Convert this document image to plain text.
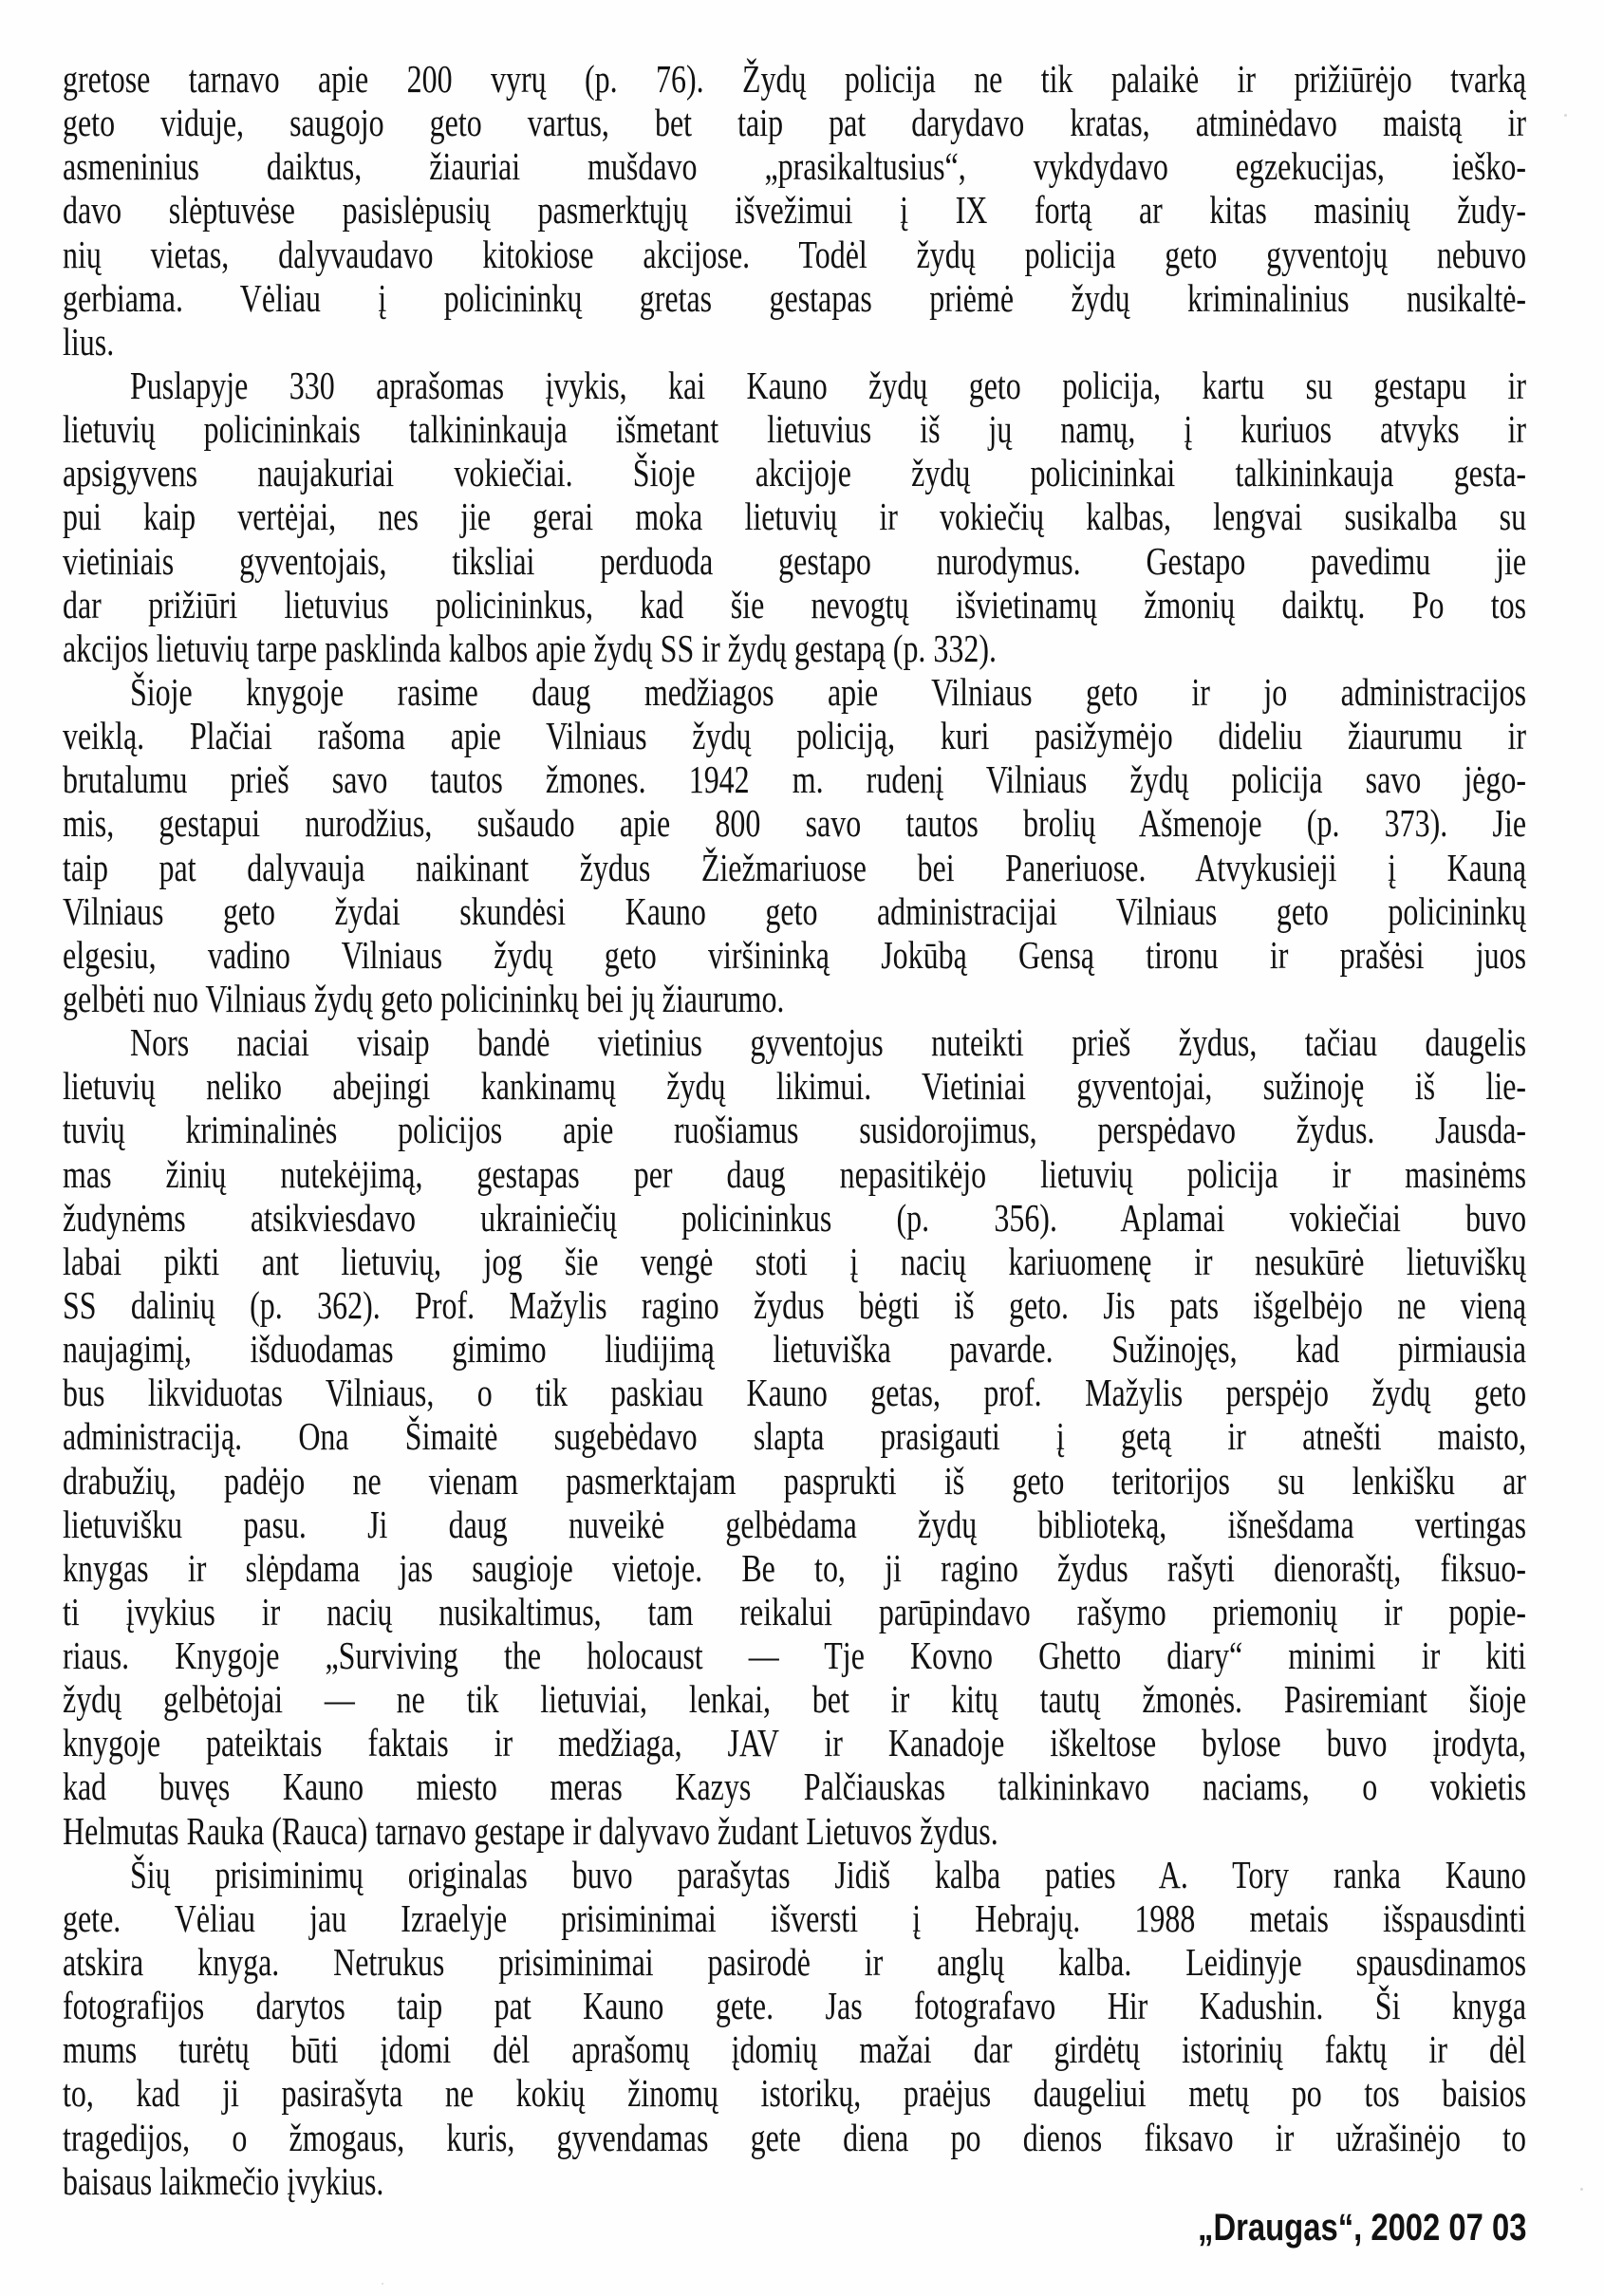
gretose tarnavo apie 200 vyrų (p. 76). Žydų policija ne tik palaikė ir prižiūrėjo tvarką
geto viduje, saugojo geto vartus, bet taip pat darydavo kratas, atminėdavo maistą ir
asmeninius daiktus, žiauriai mušdavo „prasikaltusius“, vykdydavo egzekucijas, ieško-
davo slėptuvėse pasislėpusių pasmerktųjų išvežimui į IX fortą ar kitas masinių žudy-
nių vietas, dalyvaudavo kitokiose akcijose. Todėl žydų policija geto gyventojų nebuvo
gerbiama. Vėliau į policininkų gretas gestapas priėmė žydų kriminalinius nusikaltė-
lius.
Puslapyje 330 aprašomas įvykis, kai Kauno žydų geto policija, kartu su gestapu ir
lietuvių policininkais talkininkauja išmetant lietuvius iš jų namų, į kuriuos atvyks ir
apsigyvens naujakuriai vokiečiai. Šioje akcijoje žydų policininkai talkininkauja gesta-
pui kaip vertėjai, nes jie gerai moka lietuvių ir vokiečių kalbas, lengvai susikalba su
vietiniais gyventojais, tiksliai perduoda gestapo nurodymus. Gestapo pavedimu jie
dar prižiūri lietuvius policininkus, kad šie nevogtų išvietinamų žmonių daiktų. Po tos
akcijos lietuvių tarpe pasklinda kalbos apie žydų SS ir žydų gestapą (p. 332).
Šioje knygoje rasime daug medžiagos apie Vilniaus geto ir jo administracijos
veiklą. Plačiai rašoma apie Vilniaus žydų policiją, kuri pasižymėjo dideliu žiaurumu ir
brutalumu prieš savo tautos žmones. 1942 m. rudenį Vilniaus žydų policija savo jėgo-
mis, gestapui nurodžius, sušaudo apie 800 savo tautos brolių Ašmenoje (p. 373). Jie
taip pat dalyvauja naikinant žydus Žiežmariuose bei Paneriuose. Atvykusieji į Kauną
Vilniaus geto žydai skundėsi Kauno geto administracijai Vilniaus geto policininkų
elgesiu, vadino Vilniaus žydų geto viršininką Jokūbą Gensą tironu ir prašėsi juos
gelbėti nuo Vilniaus žydų geto policininkų bei jų žiaurumo.
Nors naciai visaip bandė vietinius gyventojus nuteikti prieš žydus, tačiau daugelis
lietuvių neliko abejingi kankinamų žydų likimui. Vietiniai gyventojai, sužinoję iš lie-
tuvių kriminalinės policijos apie ruošiamus susidorojimus, perspėdavo žydus. Jausda-
mas žinių nutekėjimą, gestapas per daug nepasitikėjo lietuvių policija ir masinėms
žudynėms atsikviesdavo ukrainiečių policininkus (p. 356). Aplamai vokiečiai buvo
labai pikti ant lietuvių, jog šie vengė stoti į nacių kariuomenę ir nesukūrė lietuviškų
SS dalinių (p. 362). Prof. Mažylis ragino žydus bėgti iš geto. Jis pats išgelbėjo ne vieną
naujagimį, išduodamas gimimo liudijimą lietuviška pavarde. Sužinojęs, kad pirmiausia
bus likviduotas Vilniaus, o tik paskiau Kauno getas, prof. Mažylis perspėjo žydų geto
administraciją. Ona Šimaitė sugebėdavo slapta prasigauti į getą ir atnešti maisto,
drabužių, padėjo ne vienam pasmerktajam paspruktі iš geto teritorijos su lenkišku ar
lietuvišku pasu. Ji daug nuveikė gelbėdama žydų biblioteką, išnešdama vertingas
knygas ir slėpdama jas saugioje vietoje. Be to, ji ragino žydus rašyti dienoraštį, fiksuo-
ti įvykius ir nacių nusikaltimus, tam reikalui parūpindavo rašymo priemonių ir popie-
riaus. Knygoje „Surviving the holocaust — Tje Kovno Ghetto diary“ minimi ir kiti
žydų gelbėtojai — ne tik lietuviai, lenkai, bet ir kitų tautų žmonės. Pasiremiant šioje
knygoje pateiktais faktais ir medžiaga, JAV ir Kanadoje iškeltose bylose buvo įrodyta,
kad buvęs Kauno miesto meras Kazys Palčiauskas talkininkavo naciams, o vokietis
Helmutas Rauka (Rauca) tarnavo gestape ir dalyvavo žudant Lietuvos žydus.
Šių prisiminimų originalas buvo parašytas Jidiš kalba paties A. Tory ranka Kauno
gete. Vėliau jau Izraelyje prisiminimai išversti į Hebrajų. 1988 metais išspausdinti
atskira knyga. Netrukus prisiminimai pasirodė ir anglų kalba. Leidinyje spausdinamos
fotografijos darytos taip pat Kauno gete. Jas fotografavo Hir Kadushin. Ši knyga
mums turėtų būti įdomi dėl aprašomų įdomių mažai dar girdėtų istorinių faktų ir dėl
to, kad ji pasirašyta ne kokių žinomų istorikų, praėjus daugeliui metų po tos baisios
tragedijos, o žmogaus, kuris, gyvendamas gete diena po dienos fiksavo ir užrašinėjo to
baisaus laikmečio įvykius.
„Draugas“, 2002 07 03
